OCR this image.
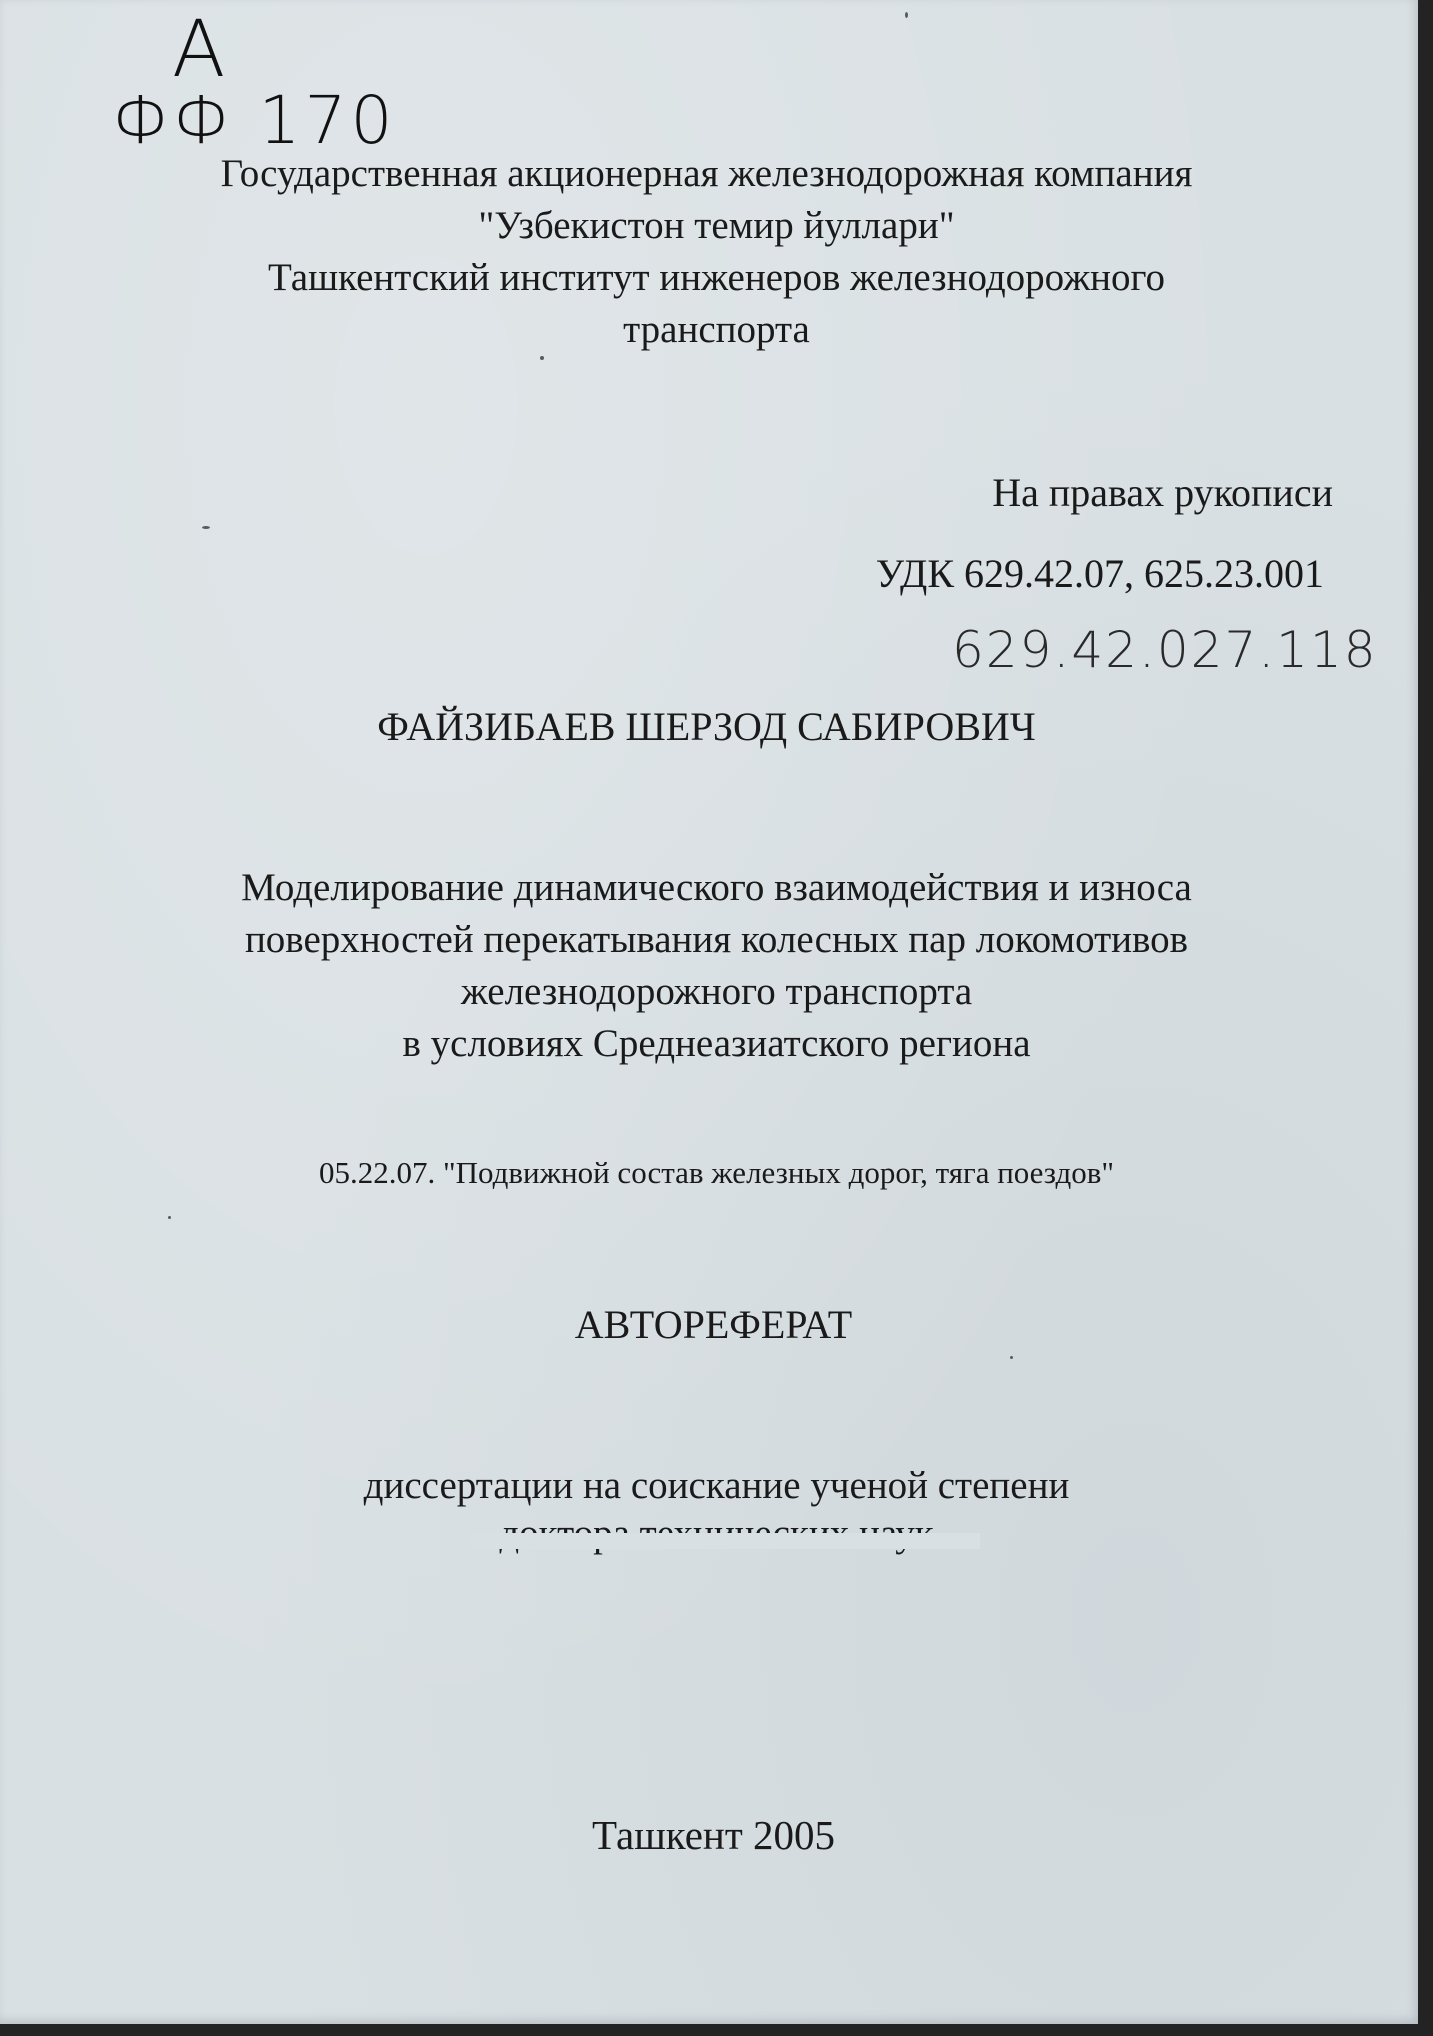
A
ФФ 170
Государственная акционерная железнодорожная компания
"Узбекистон темир йуллари"
Ташкентский институт инженеров железнодорожного
транспорта
На правах рукописи
УДК 629.42.07, 625.23.001
629.42.027.118
ФАЙЗИБАЕВ ШЕРЗОД САБИРОВИЧ
Моделирование динамического взаимодействия и износа
поверхностей перекатывания колесных пар локомотивов
железнодорожного транспорта
в условиях Среднеазиатского региона
05.22.07. "Подвижной состав железных дорог, тяга поездов"
АВТОРЕФЕРАТ
диссертации на соискание ученой степени
Ташкент 2005
